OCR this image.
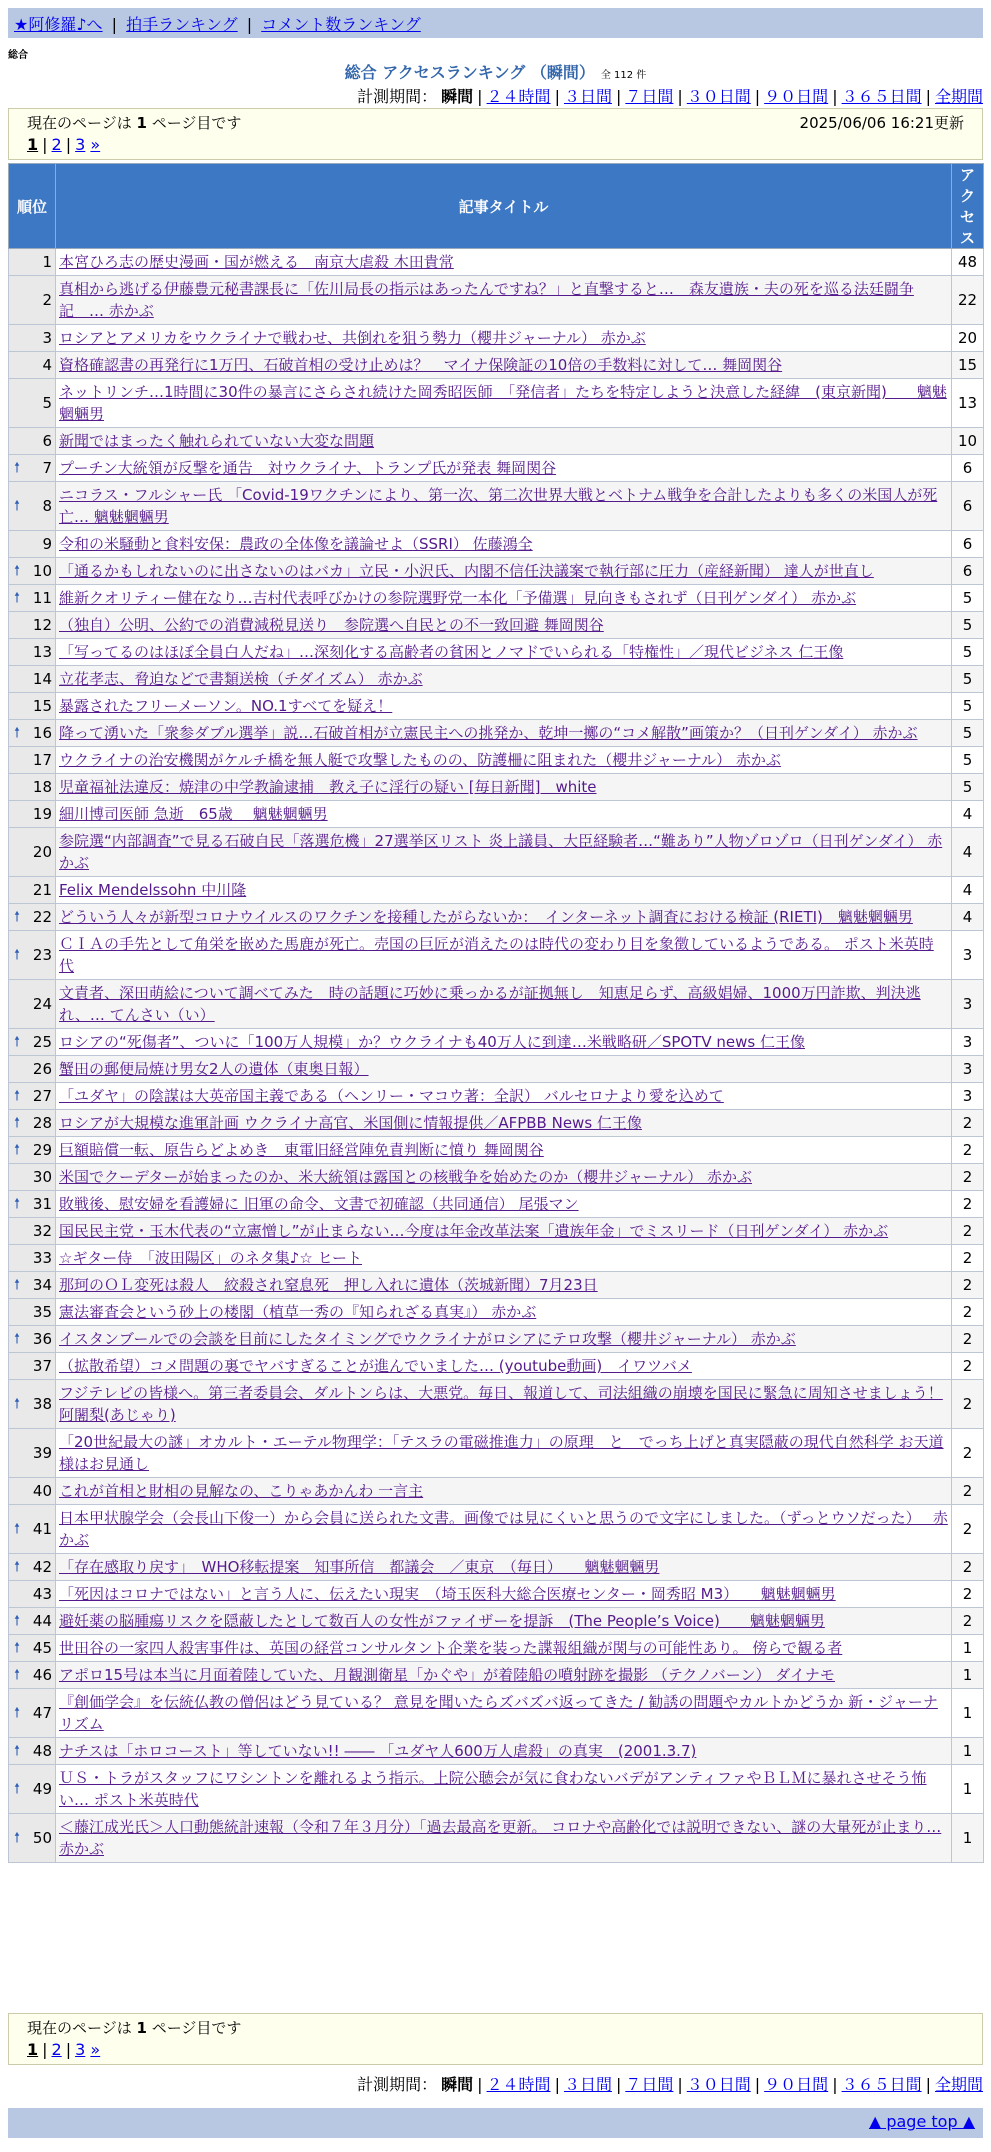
★阿修羅♪へ | 拍手ランキング | コメント数ランキング
総合
総合 アクセスランキング （瞬間） 全 112 件
計測期間： 瞬間 | ２４時間 | ３日間 | ７日間 | ３０日間 | ９０日間 | ３６５日間 | 全期間
現在のページは 1 ページ目です	2025/06/06 16:21更新
1 | 2 | 3 »
順位	記事タイトル	アクセス
1	本宮ひろ志の歴史漫画・国が燃える　南京大虐殺 木田貴常	48
2	真相から逃げる伊藤豊元秘書課長に「佐川局長の指示はあったんですね？」と直撃すると…　森友遺族・夫の死を巡る法廷闘争記　… 赤かぶ	22
3	ロシアとアメリカをウクライナで戦わせ、共倒れを狙う勢力（櫻井ジャーナル） 赤かぶ	20
4	資格確認書の再発行に1万円、石破首相の受け止めは？　マイナ保険証の10倍の手数料に対して… 舞岡関谷	15
5	ネットリンチ…1時間に30件の暴言にさらされ続けた岡秀昭医師　「発信者」たちを特定しようと決意した経緯　(東京新聞)　　魑魅魍魎男	13
6	新聞ではまったく触れられていない大変な問題	10

🠕 7	プーチン大統領が反撃を通告　対ウクライナ、トランプ氏が発表 舞岡関谷	6

🠕 8	ニコラス・フルシャー氏 「Covid-19ワクチンにより、第一次、第二次世界大戦とベトナム戦争を合計したよりも多くの米国人が死亡… 魑魅魍魎男	6
9	令和の米騒動と食料安保：農政の全体像を議論せよ（SSRI） 佐藤鴻全	6

🠕 10	「通るかもしれないのに出さないのはバカ」立民・小沢氏、内閣不信任決議案で執行部に圧力（産経新聞） 達人が世直し	6

🠕 11	維新クオリティー健在なり…吉村代表呼びかけの参院選野党一本化「予備選」見向きもされず（日刊ゲンダイ） 赤かぶ	5
12	（独自）公明、公約での消費減税見送り　参院選へ自民との不一致回避 舞岡関谷	5
13	「写ってるのはほぼ全員白人だね」…深刻化する高齢者の貧困とノマドでいられる「特権性」／現代ビジネス 仁王像	5
14	立花孝志、脅迫などで書類送検（チダイズム） 赤かぶ	5
15	暴露されたフリーメーソン。NO.1すべてを疑え！	5

🠕 16	降って湧いた「衆参ダブル選挙」説…石破首相が立憲民主への挑発か、乾坤一擲の“コメ解散”画策か？（日刊ゲンダイ） 赤かぶ	5
17	ウクライナの治安機関がケルチ橋を無人艇で攻撃したものの、防護柵に阻まれた（櫻井ジャーナル） 赤かぶ	5
18	児童福祉法違反：焼津の中学教諭逮捕　教え子に淫行の疑い [毎日新聞]　white	5
19	細川博司医師 急逝　65歳　 魑魅魍魎男	4
20	参院選“内部調査”で見る石破自民「落選危機」27選挙区リスト 炎上議員、大臣経験者…“難あり”人物ゾロゾロ（日刊ゲンダイ） 赤かぶ	4
21	Felix Mendelssohn 中川隆	4

🠕 22	どういう人々が新型コロナウイルスのワクチンを接種したがらないか：　インターネット調査における検証 (RIETI)　魑魅魍魎男	4

🠕 23	ＣＩＡの手先として角栄を嵌めた馬鹿が死亡。売国の巨匠が消えたのは時代の変わり目を象徴しているようである。 ポスト米英時代	3
24	文責者、深田萌絵について調べてみた　時の話題に巧妙に乗っかるが証拠無し　知恵足らず、高級娼婦、1000万円詐欺、判決逃れ、… てんさい（い）	3

🠕 25	ロシアの“死傷者”、ついに「100万人規模」か？ウクライナも40万人に到達…米戦略研／SPOTV news 仁王像	3
26	蟹田の郵便局焼け男女2人の遺体（東奥日報）	3

🠕 27	「ユダヤ」の陰謀は大英帝国主義である（ヘンリー・マコウ著：全訳） バルセロナより愛を込めて	3

🠕 28	ロシアが大規模な進軍計画 ウクライナ高官、米国側に情報提供／AFPBB News 仁王像	2

🠕 29	巨額賠償一転、原告らどよめき　東電旧経営陣免責判断に憤り 舞岡関谷	2
30	米国でクーデターが始まったのか、米大統領は露国との核戦争を始めたのか（櫻井ジャーナル） 赤かぶ	2

🠕 31	敗戦後、慰安婦を看護婦に 旧軍の命令、文書で初確認（共同通信） 尾張マン	2
32	国民民主党・玉木代表の“立憲憎し”が止まらない…今度は年金改革法案「遺族年金」でミスリード（日刊ゲンダイ） 赤かぶ	2
33	☆ギター侍　「波田陽区」のネタ集♪☆ ヒート	2

🠕 34	那珂のＯＬ変死は殺人　絞殺され窒息死　押し入れに遺体（茨城新聞）7月23日	2
35	憲法審査会という砂上の楼閣（植草一秀の『知られざる真実』） 赤かぶ	2

🠕 36	イスタンブールでの会談を目前にしたタイミングでウクライナがロシアにテロ攻撃（櫻井ジャーナル） 赤かぶ	2
37	（拡散希望）コメ問題の裏でヤバすぎることが進んでいました… (youtube動画)　イワツバメ	2

🠕 38	フジテレビの皆様へ。第三者委員会、ダルトンらは、大悪党。毎日、報道して、司法組織の崩壊を国民に緊急に周知させましょう！ 阿闍梨(あじゃり)	2
39	「20世紀最大の謎」オカルト・エーテル物理学：「テスラの電磁推進力」の原理　と　でっち上げと真実隠蔽の現代自然科学 お天道様はお見通し	2
40	これが首相と財相の見解なの、こりゃあかんわ 一言主	2

🠕 41	日本甲状腺学会（会長山下俊一）から会員に送られた文書。画像では見にくいと思うので文字にしました。（ずっとウソだった）　 赤かぶ	2

🠕 42	「存在感取り戻す」　WHO移転提案　知事所信　都議会　／東京　（毎日）　　魑魅魍魎男	2
43	「死因はコロナではない」と言う人に、伝えたい現実　（埼玉医科大総合医療センター・岡秀昭 M3）　　魑魅魍魎男	2

🠕 44	避妊薬の脳腫瘍リスクを隠蔽したとして数百人の女性がファイザーを提訴　(The People’s Voice)　　魑魅魍魎男	2

🠕 45	世田谷の一家四人殺害事件は、英国の経営コンサルタント企業を装った諜報組織が関与の可能性あり。 傍らで観る者	1

🠕 46	アポロ15号は本当に月面着陸していた、月観測衛星「かぐや」が着陸船の噴射跡を撮影 （テクノバーン） ダイナモ	1

🠕 47	『創価学会』を伝統仏教の僧侶はどう見ている？ 意見を聞いたらズバズバ返ってきた / 勧誘の問題やカルトかどうか 新・ジャーナリズム	1

🠕 48	ナチスは「ホロコースト」等していない!! ―― 「ユダヤ人600万人虐殺」の真実　(2001.3.7)	1

🠕 49	ＵＳ・トラがスタッフにワシントンを離れるよう指示。上院公聴会が気に食わないバデがアンティファやＢＬＭに暴れさせそう怖い… ポスト米英時代	1

🠕 50	＜藤江成光氏＞人口動態統計速報（令和７年３月分）「過去最高を更新。 コロナや高齢化では説明できない、謎の大量死が止まり… 赤かぶ	1
現在のページは 1 ページ目です
1 | 2 | 3 »
計測期間： 瞬間 | ２４時間 | ３日間 | ７日間 | ３０日間 | ９０日間 | ３６５日間 | 全期間
▲ page top ▲
